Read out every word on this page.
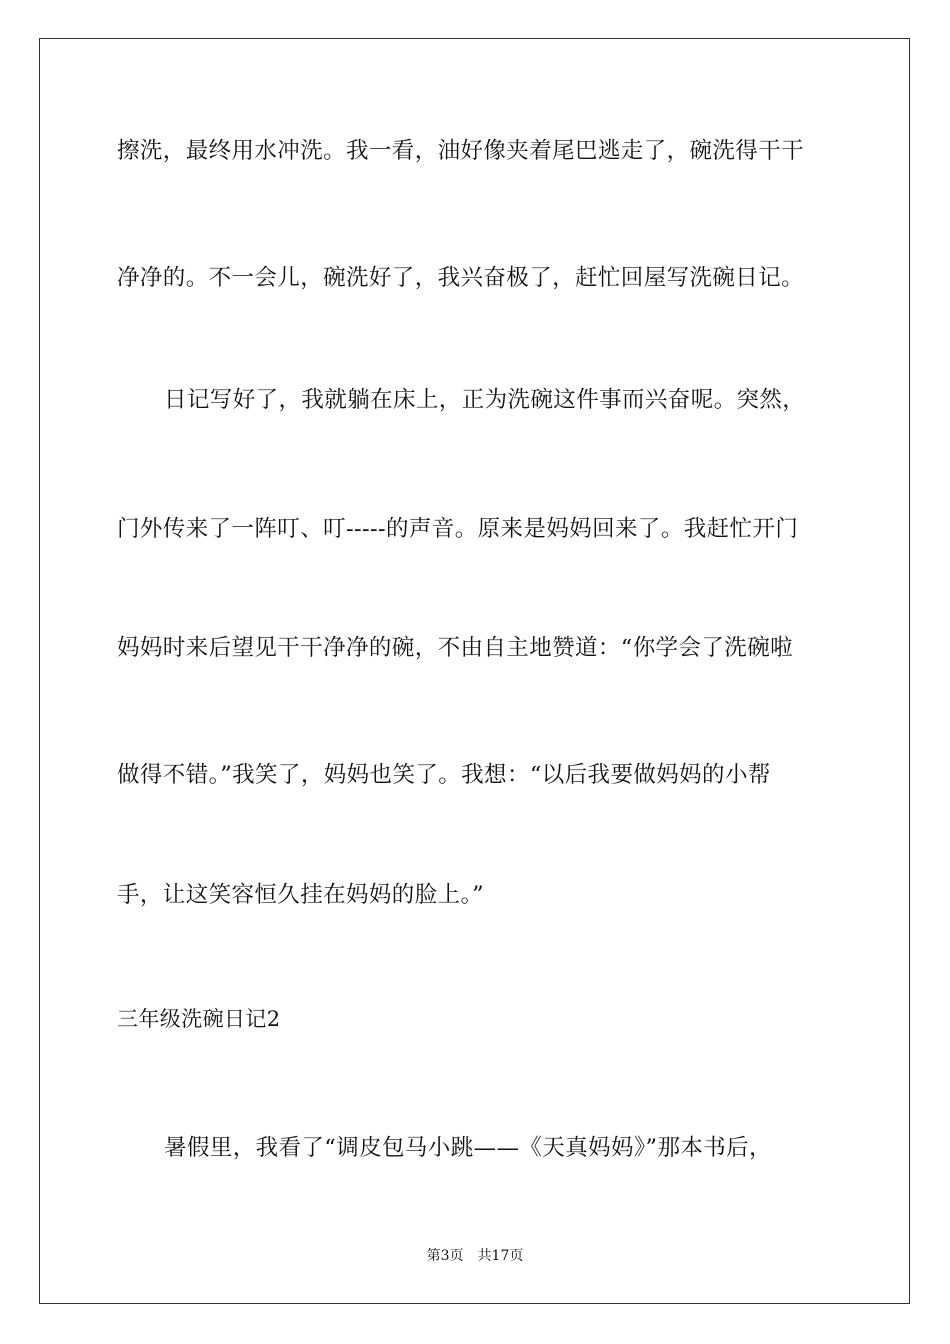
擦洗，最终用水冲洗。我一看，油好像夹着尾巴逃走了，碗洗得干干
净净的。不一会儿，碗洗好了，我兴奋极了，赶忙回屋写洗碗日记。
日记写好了，我就躺在床上，正为洗碗这件事而兴奋呢。突然，
门外传来了一阵叮、叮-----的声音。原来是妈妈回来了。我赶忙开门
妈妈时来后望见干干净净的碗，不由自主地赞道：“你学会了洗碗啦
做得不错。”我笑了，妈妈也笑了。我想：“以后我要做妈妈的小帮
手，让这笑容恒久挂在妈妈的脸上。”
三年级洗碗日记2
暑假里，我看了“调皮包马小跳——《天真妈妈》”那本书后，
第3页 共17页
